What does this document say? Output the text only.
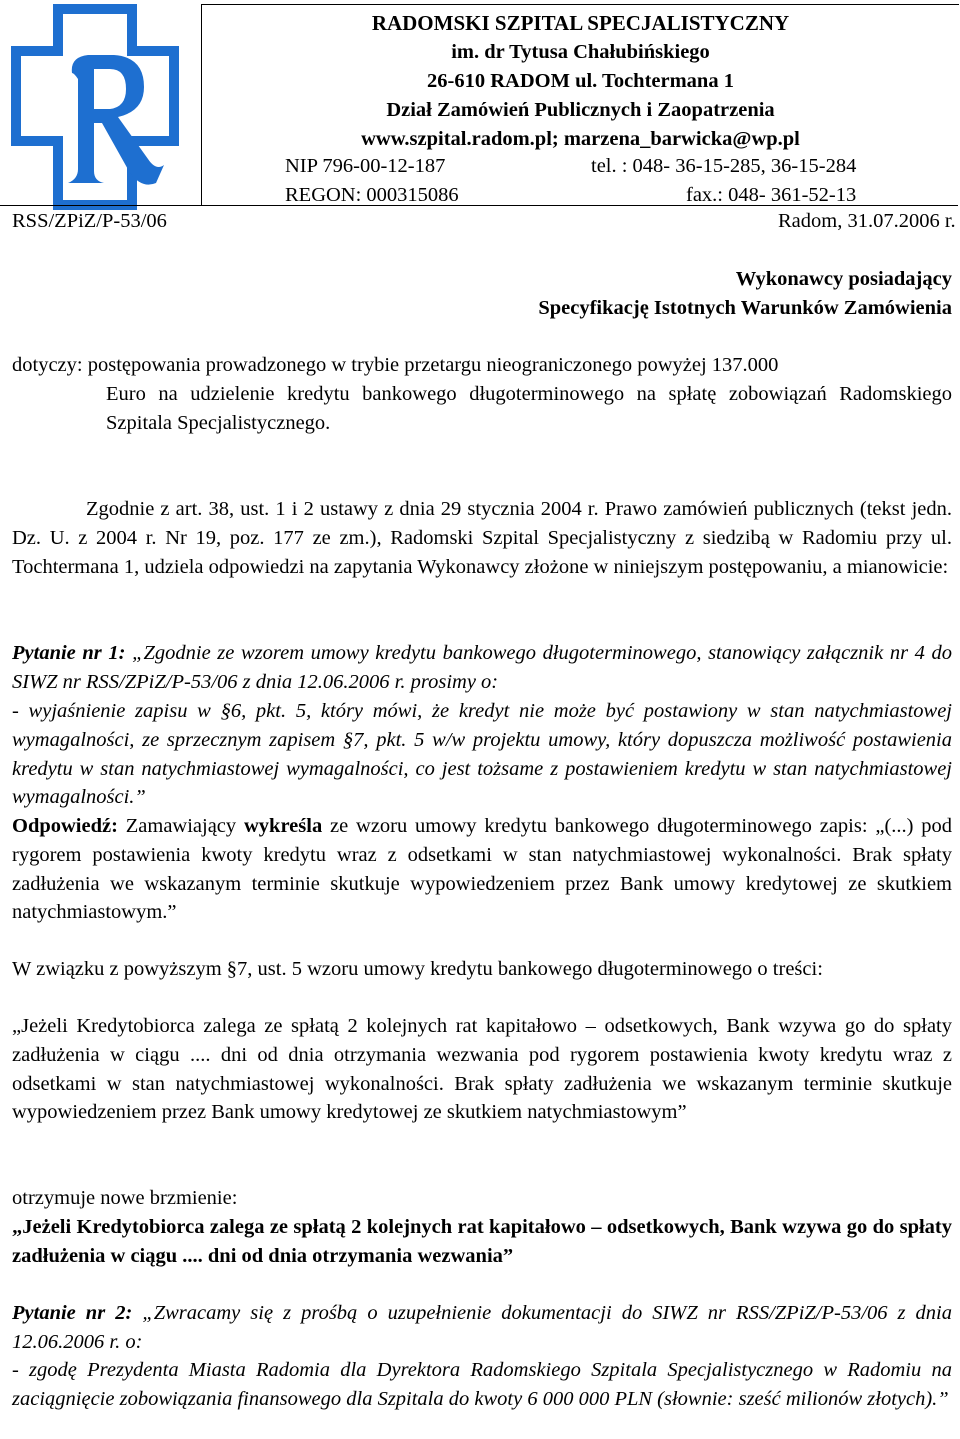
RADOMSKI SZPITAL SPECJALISTYCZNY
im. dr Tytusa Chałubińskiego
26-610 RADOM ul. Tochtermana 1
Dział Zamówień Publicznych i Zaopatrzenia
www.szpital.radom.pl; marzena_barwicka@wp.pl
NIP 796-00-12-187	tel. : 048- 36-15-285, 36-15-284
REGON: 000315086	fax.: 048- 361-52-13
RSS/ZPiZ/P-53/06	Radom, 31.07.2006 r.
Wykonawcy posiadający
Specyfikację Istotnych Warunków Zamówienia
dotyczy: postępowania prowadzonego w trybie przetargu nieograniczonego powyżej 137.000
Euro na udzielenie kredytu bankowego długoterminowego na spłatę zobowiązań Radomskiego Szpitala Specjalistycznego.
Zgodnie z art. 38, ust. 1 i 2 ustawy z dnia 29 stycznia 2004 r. Prawo zamówień publicznych (tekst jedn. Dz. U. z 2004 r. Nr 19, poz. 177 ze zm.), Radomski Szpital Specjalistyczny z siedzibą w Radomiu przy ul. Tochtermana 1, udziela odpowiedzi na zapytania Wykonawcy złożone w niniejszym postępowaniu, a mianowicie:
Pytanie nr 1: „Zgodnie ze wzorem umowy kredytu bankowego długoterminowego, stanowiący załącznik nr 4 do SIWZ nr RSS/ZPiZ/P-53/06 z dnia 12.06.2006 r. prosimy o:
- wyjaśnienie zapisu w §6, pkt. 5, który mówi, że kredyt nie może być postawiony w stan natychmiastowej wymagalności, ze sprzecznym zapisem §7, pkt. 5 w/w projektu umowy, który dopuszcza możliwość postawienia kredytu w stan natychmiastowej wymagalności, co jest tożsame z postawieniem kredytu w stan natychmiastowej wymagalności.”
Odpowiedź: Zamawiający wykreśla ze wzoru umowy kredytu bankowego długoterminowego zapis: „(...) pod rygorem postawienia kwoty kredytu wraz z odsetkami w stan natychmiastowej wykonalności. Brak spłaty zadłużenia we wskazanym terminie skutkuje wypowiedzeniem przez Bank umowy kredytowej ze skutkiem natychmiastowym.”
W związku z powyższym §7, ust. 5 wzoru umowy kredytu bankowego długoterminowego o treści:
„Jeżeli Kredytobiorca zalega ze spłatą 2 kolejnych rat kapitałowo – odsetkowych, Bank wzywa go do spłaty zadłużenia w ciągu .... dni od dnia otrzymania wezwania pod rygorem postawienia kwoty kredytu wraz z odsetkami w stan natychmiastowej wykonalności. Brak spłaty zadłużenia we wskazanym terminie skutkuje wypowiedzeniem przez Bank umowy kredytowej ze skutkiem natychmiastowym”
otrzymuje nowe brzmienie:
„Jeżeli Kredytobiorca zalega ze spłatą 2 kolejnych rat kapitałowo – odsetkowych, Bank wzywa go do spłaty zadłużenia w ciągu .... dni od dnia otrzymania wezwania”
Pytanie nr 2: „Zwracamy się z prośbą o uzupełnienie dokumentacji do SIWZ nr RSS/ZPiZ/P-53/06 z dnia 12.06.2006 r. o:
- zgodę Prezydenta Miasta Radomia dla Dyrektora Radomskiego Szpitala Specjalistycznego w Radomiu na zaciągnięcie zobowiązania finansowego dla Szpitala do kwoty 6 000 000 PLN (słownie: sześć milionów złotych).”
